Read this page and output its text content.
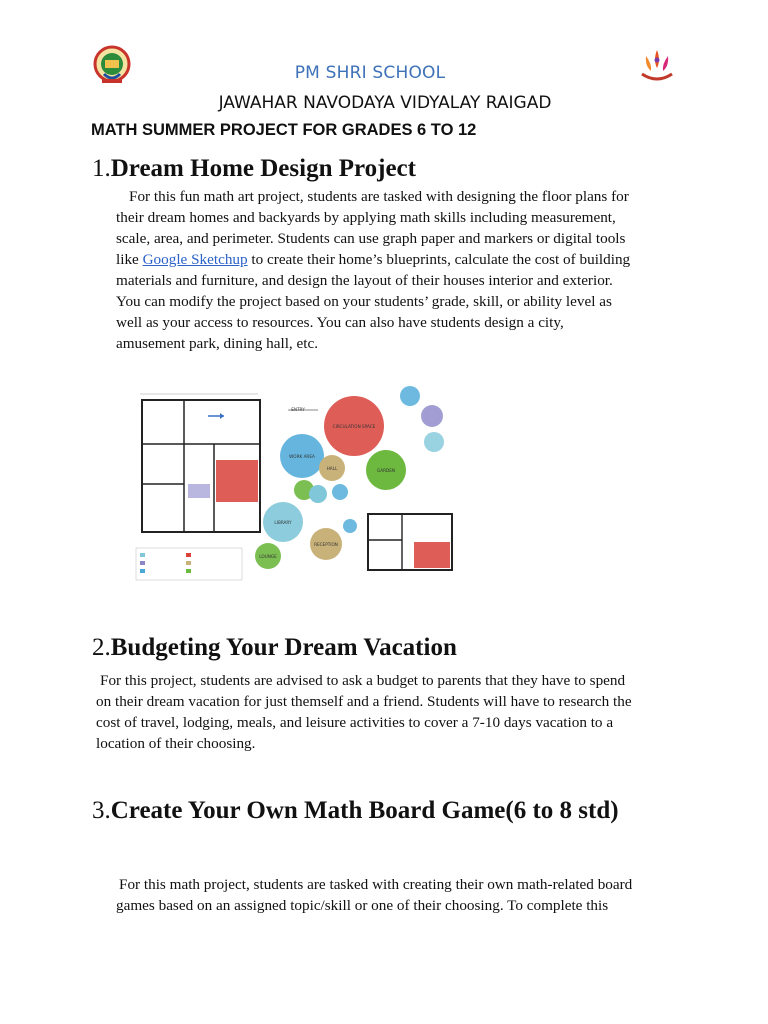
PM SHRI SCHOOL
JAWAHAR NAVODAYA VIDYALAY RAIGAD
MATH SUMMER PROJECT FOR GRADES 6 TO 12
1.Dream Home Design Project
For this fun math art project, students are tasked with designing the floor plans for
their dream homes and backyards by applying math skills including measurement,
scale, area, and perimeter. Students can use graph paper and markers or digital tools
like Google Sketchup to create their home’s blueprints, calculate the cost of building
materials and furniture, and design the layout of their houses interior and exterior.
You can modify the project based on your students’ grade, skill, or ability level as
well as your access to resources. You can also have students design a city,
amusement park, dining hall, etc.
ENTRY
CIRCULATION SPACE
WORK AREA
HALL	GARDEN
LIBRARY
LOUNGE
RECEPTION
2.Budgeting Your Dream Vacation
For this project, students are advised to ask a budget to parents that they have to spend
on their dream vacation for just themself and a friend. Students will have to research the
cost of travel, lodging, meals, and leisure activities to cover a 7-10 days vacation to a
location of their choosing.
3.Create Your Own Math Board Game(6 to 8 std)
For this math project, students are tasked with creating their own math-related board
games based on an assigned topic/skill or one of their choosing. To complete this
